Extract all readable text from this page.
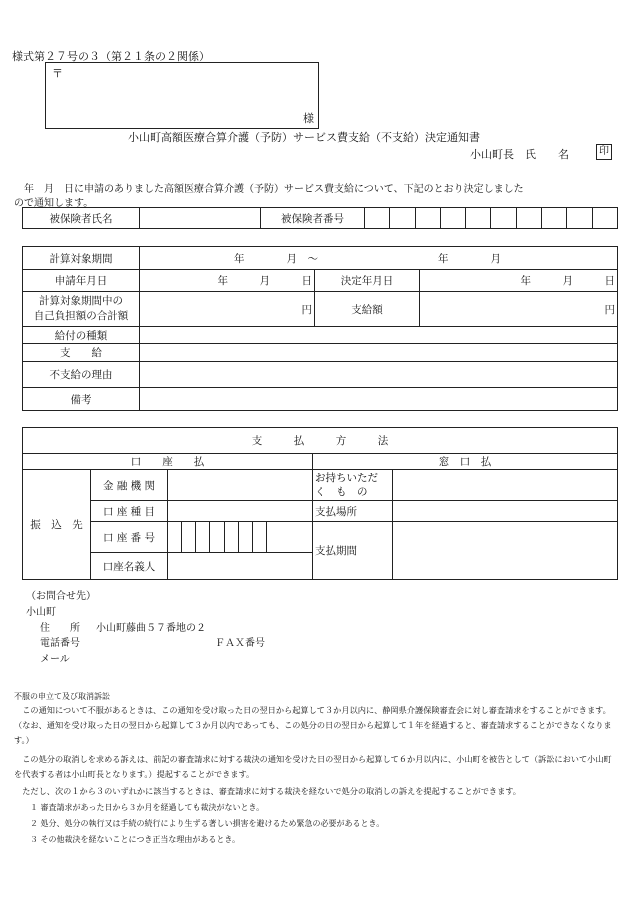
様式第２７号の３（第２１条の２関係）
〒
様
小山町高額医療合算介護（予防）サービス費支給（不支給）決定通知書
小山町長　氏　　名	印
　年　月　日に申請のありました高額医療合算介護（予防）サービス費支給について、下記のとおり決定しました
ので通知します。
被保険者氏名		被保険者番号	
計算対象期間	年　　　　月　～ 年　　　　月		
申請年月日	年　　　月　　　日	決定年月日	年　　　月　　　日

計算対象期間中の
自己負担額の合計額	円	支給額	円
給付の種類			
支　　給			
不支給の理由			
備考			
支　　　払　　　方　　　法				
口　　座　　払			窓　口　払	
振　込　先	金 融 機 関		お持ちいただ
く　も　の	

	口 座 種 目		支払場所	
	口 座 番 号		支払期間	
	口座名義人			
（お問合せ先）
小山町
住　　所 小山町藤曲５７番地の２
電話番号	ＦＡＸ番号
メール
不服の申立て及び取消訴訟
　この通知について不服があるときは、この通知を受け取った日の翌日から起算して３か月以内に、静岡県介護保険審査会に対し審査請求をすることができます。（なお、通知を受け取った日の翌日から起算して３か月以内であっても、この処分の日の翌日から起算して１年を経過すると、審査請求することができなくなります。）
　この処分の取消しを求める訴えは、前記の審査請求に対する裁決の通知を受けた日の翌日から起算して６か月以内に、小山町を被告として（訴訟において小山町を代表する者は小山町長となります。）提起することができます。
　ただし、次の１から３のいずれかに該当するときは、審査請求に対する裁決を経ないで処分の取消しの訴えを提起することができます。
１ 審査請求があった日から３か月を経過しても裁決がないとき。
２ 処分、処分の執行又は手続の続行により生ずる著しい損害を避けるため緊急の必要があるとき。
３ その他裁決を経ないことにつき正当な理由があるとき。
